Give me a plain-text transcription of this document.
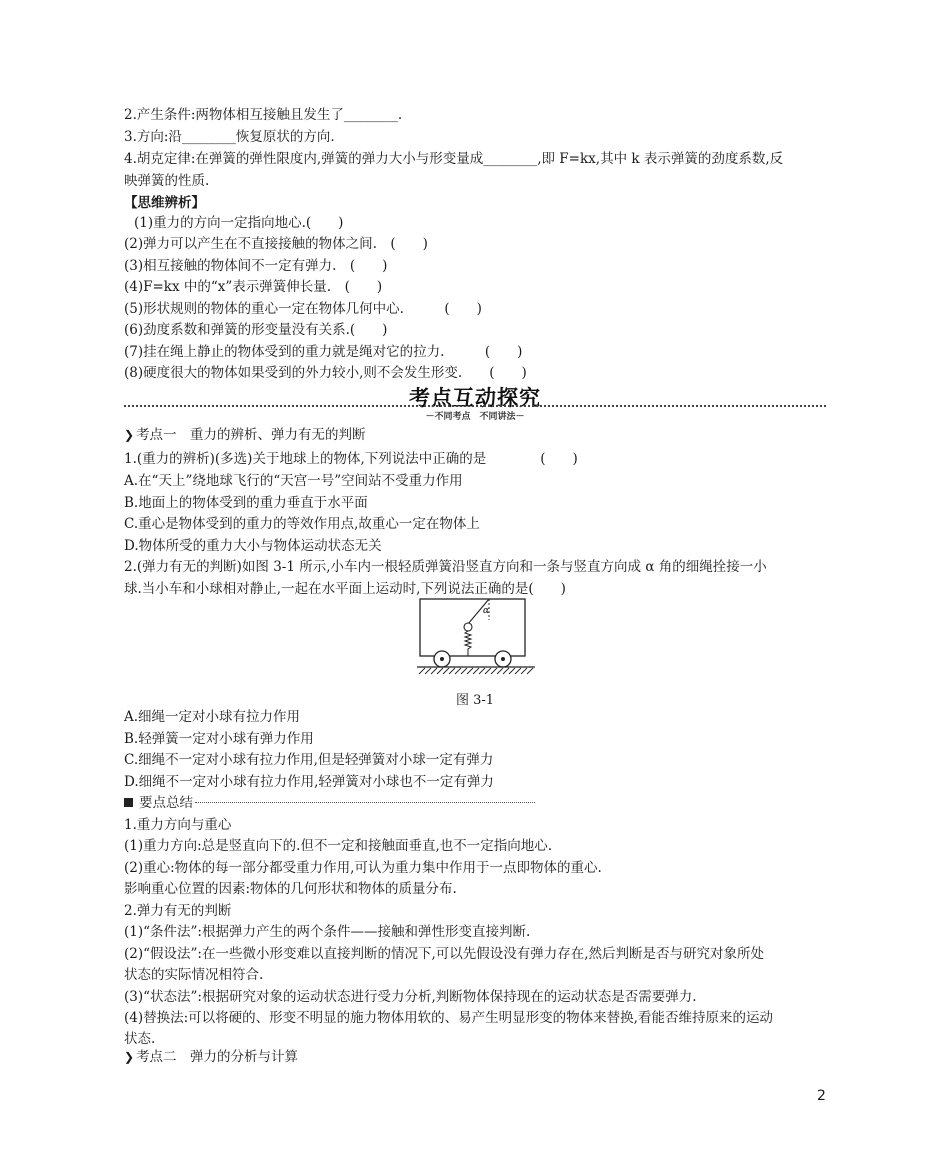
2.产生条件:两物体相互接触且发生了________.
3.方向:沿________恢复原状的方向.
4.胡克定律:在弹簧的弹性限度内,弹簧的弹力大小与形变量成________,即 F=kx,其中 k 表示弹簧的劲度系数,反
映弹簧的性质.
【思维辨析】
(1)重力的方向一定指向地心.(　　)
(2)弹力可以产生在不直接接触的物体之间.　(　　)
(3)相互接触的物体间不一定有弹力.　(　　)
(4)F=kx 中的“x”表示弹簧伸长量.　(　　)
(5)形状规则的物体的重心一定在物体几何中心.　　　(　　)
(6)劲度系数和弹簧的形变量没有关系.(　　)
(7)挂在绳上静止的物体受到的重力就是绳对它的拉力.　　　(　　)
(8)硬度很大的物体如果受到的外力较小,则不会发生形变.　　(　　)
考点互动探究
－不同考点　不同讲法－
❯ 考点一　重力的辨析、弹力有无的判断
1.(重力的辨析)(多选)关于地球上的物体,下列说法中正确的是　　　　(　　)
A.在“天上”绕地球飞行的“天宫一号”空间站不受重力作用
B.地面上的物体受到的重力垂直于水平面
C.重心是物体受到的重力的等效作用点,故重心一定在物体上
D.物体所受的重力大小与物体运动状态无关
2.(弹力有无的判断)如图 3-1 所示,小车内一根轻质弹簧沿竖直方向和一条与竖直方向成 α 角的细绳拴接一小
球.当小车和小球相对静止,一起在水平面上运动时,下列说法正确的是(　　)
α
图 3-1
A.细绳一定对小球有拉力作用
B.轻弹簧一定对小球有弹力作用
C.细绳不一定对小球有拉力作用,但是轻弹簧对小球一定有弹力
D.细绳不一定对小球有拉力作用,轻弹簧对小球也不一定有弹力
要点总结
1.重力方向与重心
(1)重力方向:总是竖直向下的.但不一定和接触面垂直,也不一定指向地心.
(2)重心:物体的每一部分都受重力作用,可认为重力集中作用于一点即物体的重心.
影响重心位置的因素:物体的几何形状和物体的质量分布.
2.弹力有无的判断
(1)“条件法”:根据弹力产生的两个条件——接触和弹性形变直接判断.
(2)“假设法”:在一些微小形变难以直接判断的情况下,可以先假设没有弹力存在,然后判断是否与研究对象所处
状态的实际情况相符合.
(3)“状态法”:根据研究对象的运动状态进行受力分析,判断物体保持现在的运动状态是否需要弹力.
(4)替换法:可以将硬的、形变不明显的施力物体用软的、易产生明显形变的物体来替换,看能否维持原来的运动
状态.
❯ 考点二　弹力的分析与计算
2
